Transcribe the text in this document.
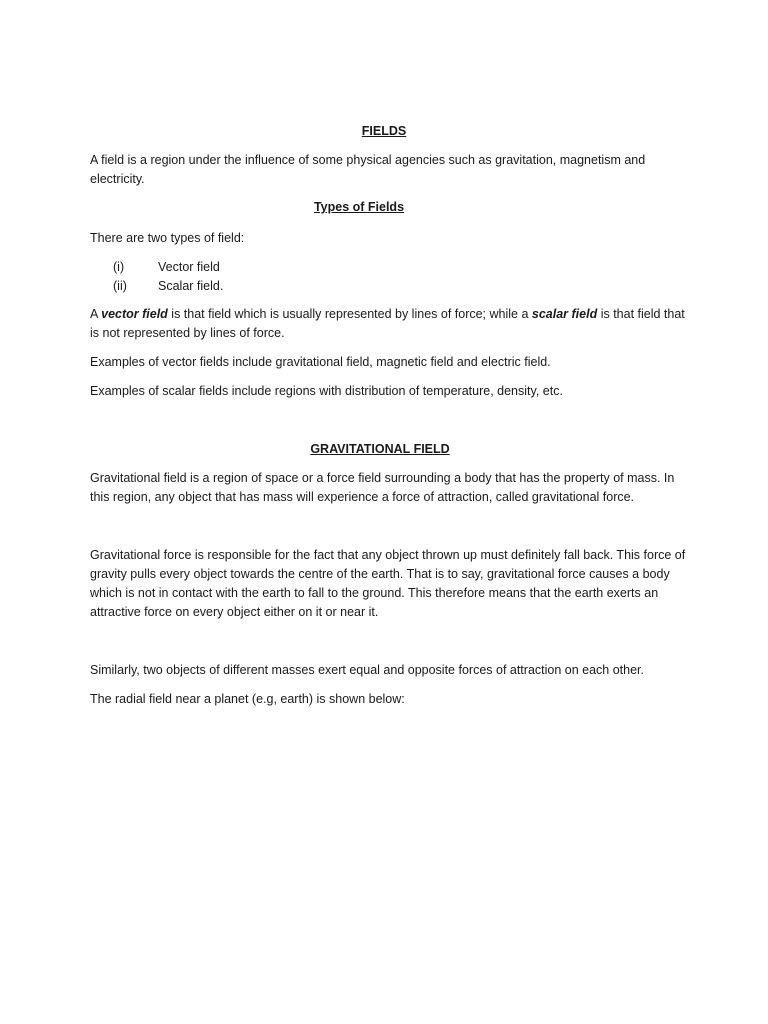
FIELDS

A field is a region under the influence of some physical agencies such as gravitation, magnetism and electricity.

Types of Fields

There are two types of field:

(i)	Vector field
(ii) Scalar field.

A vector field is that field which is usually represented by lines of force; while a scalar field is that field that is not represented by lines of force.

Examples of vector fields include gravitational field, magnetic field and electric field.

Examples of scalar fields include regions with distribution of temperature, density, etc.

GRAVITATIONAL FIELD

Gravitational field is a region of space or a force field surrounding a body that has the property of mass. In this region, any object that has mass will experience a force of attraction, called gravitational force.

Gravitational force is responsible for the fact that any object thrown up must definitely fall back. This force of gravity pulls every object towards the centre of the earth. That is to say, gravitational force causes a body which is not in contact with the earth to fall to the ground. This therefore means that the earth exerts an attractive force on every object either on it or near it.

Similarly, two objects of different masses exert equal and opposite forces of attraction on each other.

The radial field near a planet (e.g, earth) is shown below:
